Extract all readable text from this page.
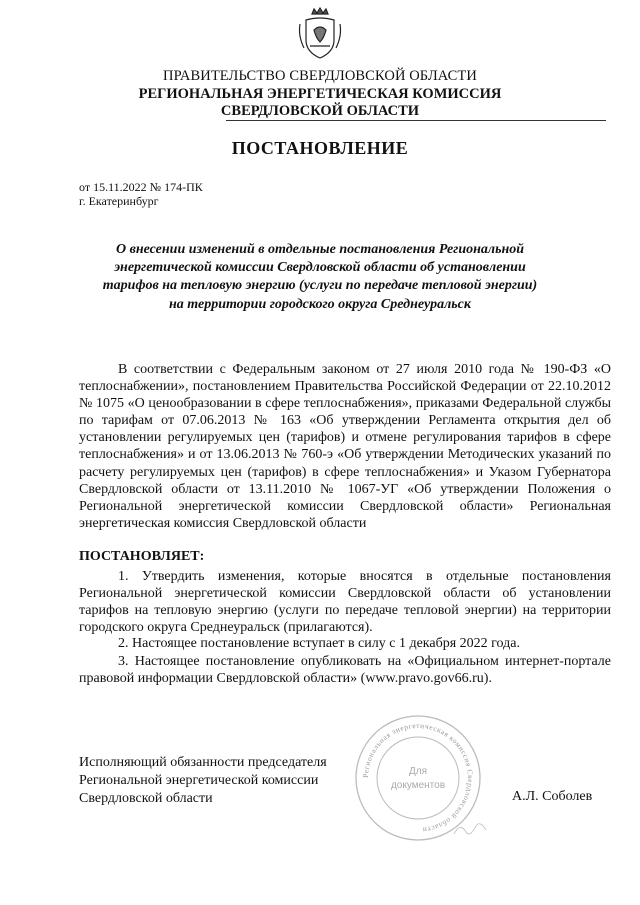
ПРАВИТЕЛЬСТВО СВЕРДЛОВСКОЙ ОБЛАСТИ
РЕГИОНАЛЬНАЯ ЭНЕРГЕТИЧЕСКАЯ КОМИССИЯ
СВЕРДЛОВСКОЙ ОБЛАСТИ
ПОСТАНОВЛЕНИЕ
от 15.11.2022 № 174-ПК
г. Екатеринбург
О внесении изменений в отдельные постановления Региональной энергетической комиссии Свердловской области об установлении тарифов на тепловую энергию (услуги по передаче тепловой энергии) на территории городского округа Среднеуральск
В соответствии с Федеральным законом от 27 июля 2010 года № 190-ФЗ «О теплоснабжении», постановлением Правительства Российской Федерации от 22.10.2012 № 1075 «О ценообразовании в сфере теплоснабжения», приказами Федеральной службы по тарифам от 07.06.2013 № 163 «Об утверждении Регламента открытия дел об установлении регулируемых цен (тарифов) и отмене регулирования тарифов в сфере теплоснабжения» и от 13.06.2013 № 760-э «Об утверждении Методических указаний по расчету регулируемых цен (тарифов) в сфере теплоснабжения» и Указом Губернатора Свердловской области от 13.11.2010 № 1067-УГ «Об утверждении Положения о Региональной энергетической комиссии Свердловской области» Региональная энергетическая комиссия Свердловской области
ПОСТАНОВЛЯЕТ:
1. Утвердить изменения, которые вносятся в отдельные постановления Региональной энергетической комиссии Свердловской области об установлении тарифов на тепловую энергию (услуги по передаче тепловой энергии) на территории городского округа Среднеуральск (прилагаются).
2. Настоящее постановление вступает в силу с 1 декабря 2022 года.
3. Настоящее постановление опубликовать на «Официальном интернет-портале правовой информации Свердловской области» (www.pravo.gov66.ru).
Исполняющий обязанности председателя Региональной энергетической комиссии Свердловской области	А.Л. Соболев
Региональная энергетическая комиссия Свердловской области
Для
документов
